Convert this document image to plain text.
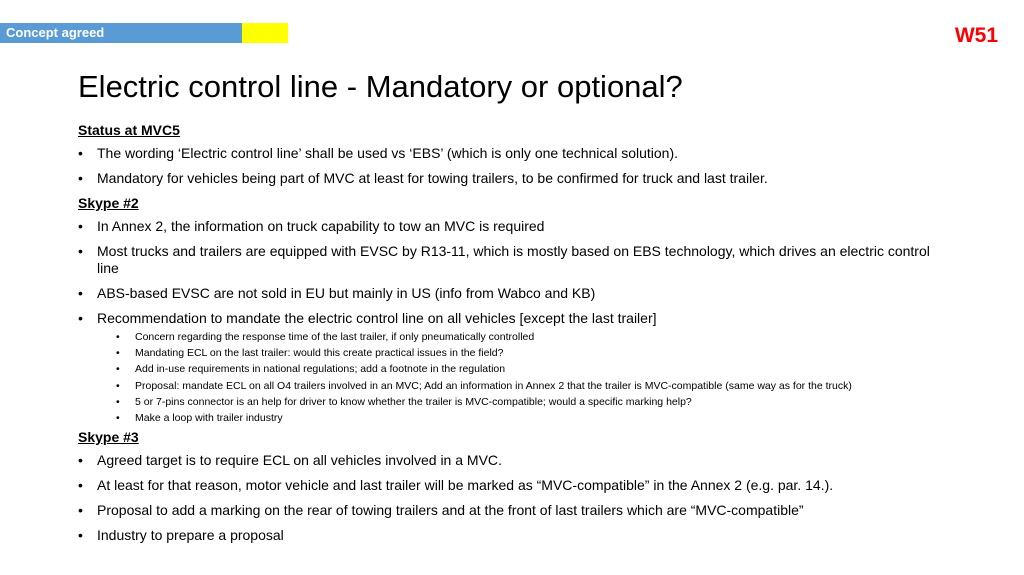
Concept agreed	W51
Electric control line - Mandatory or optional?
Status at MVC5
• The wording ‘Electric control line’ shall be used vs ‘EBS’ (which is only one technical solution).
• Mandatory for vehicles being part of MVC at least for towing trailers, to be confirmed for truck and last trailer.
Skype #2
• In Annex 2, the information on truck capability to tow an MVC is required
• Most trucks and trailers are equipped with EVSC by R13-11, which is mostly based on EBS technology, which drives an electric control line
• ABS-based EVSC are not sold in EU but mainly in US (info from Wabco and KB)
• Recommendation to mandate the electric control line on all vehicles [except the last trailer]
• Concern regarding the response time of the last trailer, if only pneumatically controlled
• Mandating ECL on the last trailer: would this create practical issues in the field?
• Add in-use requirements in national regulations; add a footnote in the regulation
• Proposal: mandate ECL on all O4 trailers involved in an MVC; Add an information in Annex 2 that the trailer is MVC-compatible (same way as for the truck)
• 5 or 7-pins connector is an help for driver to know whether the trailer is MVC-compatible; would a specific marking help?
• Make a loop with trailer industry
Skype #3
• Agreed target is to require ECL on all vehicles involved in a MVC.
• At least for that reason, motor vehicle and last trailer will be marked as “MVC-compatible” in the Annex 2 (e.g. par. 14.).
• Proposal to add a marking on the rear of towing trailers and at the front of last trailers which are “MVC-compatible”
• Industry to prepare a proposal
